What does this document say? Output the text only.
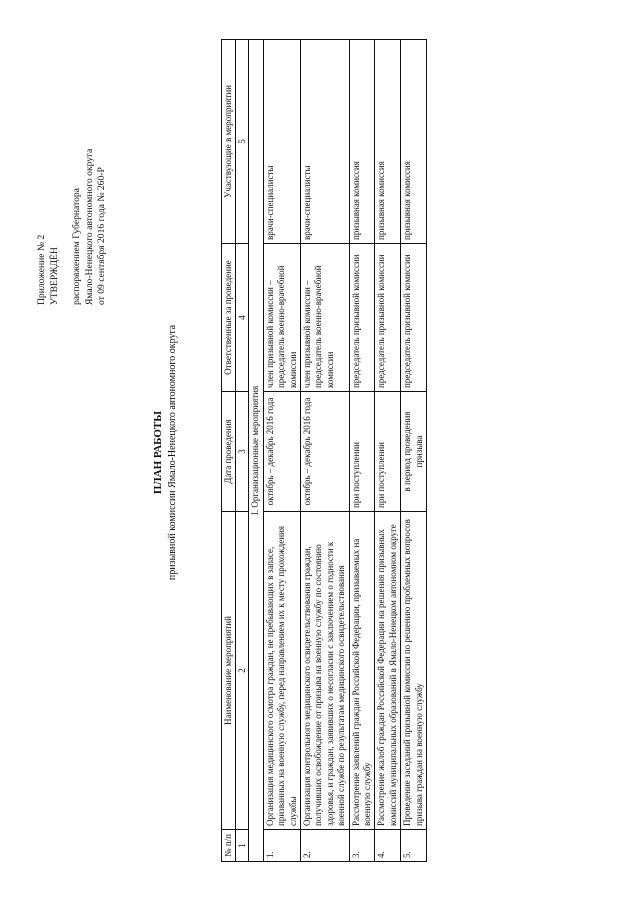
Приложение № 2 УТВЕРЖДЁН распоряжением Губернатора Ямало-Ненецкого автономного округа от 09 сентября 2016 года № 260-Р
ПЛАН РАБОТЫ призывной комиссии Ямало-Ненецкого автономного округа
№ п/п	Наименование мероприятий	Дата проведения	Ответственные за проведение	Участвующие в мероприятии
1	2	3	4	5
I. Организационные мероприятия				
1.	Организация медицинского осмотра граждан, не пребывающих в запасе, призванных на военную службу, перед направлением их к месту прохождения службы	октябрь – декабрь 2016 года	член призывной комиссии – председатель военно-врачебной комиссии	врачи-специалисты
2.	Организация контрольного медицинского освидетельствования граждан, получивших освобождение от призыва на военную службу по состоянию здоровья, и граждан, заявивших о несогласии с заключением о годности к военной службе по результатам медицинского освидетельствования	октябрь – декабрь 2016 года	член призывной комиссии – председатель военно-врачебной комиссии	врачи-специалисты
3.	Рассмотрение заявлений граждан Российской Федерации, призываемых на военную службу	при поступлении	председатель призывной комиссии	призывная комиссия
4.	Рассмотрение жалоб граждан Российской Федерации на решения призывных комиссий муниципальных образований в Ямало-Ненецком автономном округе	при поступлении	председатель призывной комиссии	призывная комиссия
5.	Проведение заседаний призывной комиссии по решению проблемных вопросов призыва граждан на военную службу	в период проведения призыва	председатель призывной комиссии	призывная комиссия
